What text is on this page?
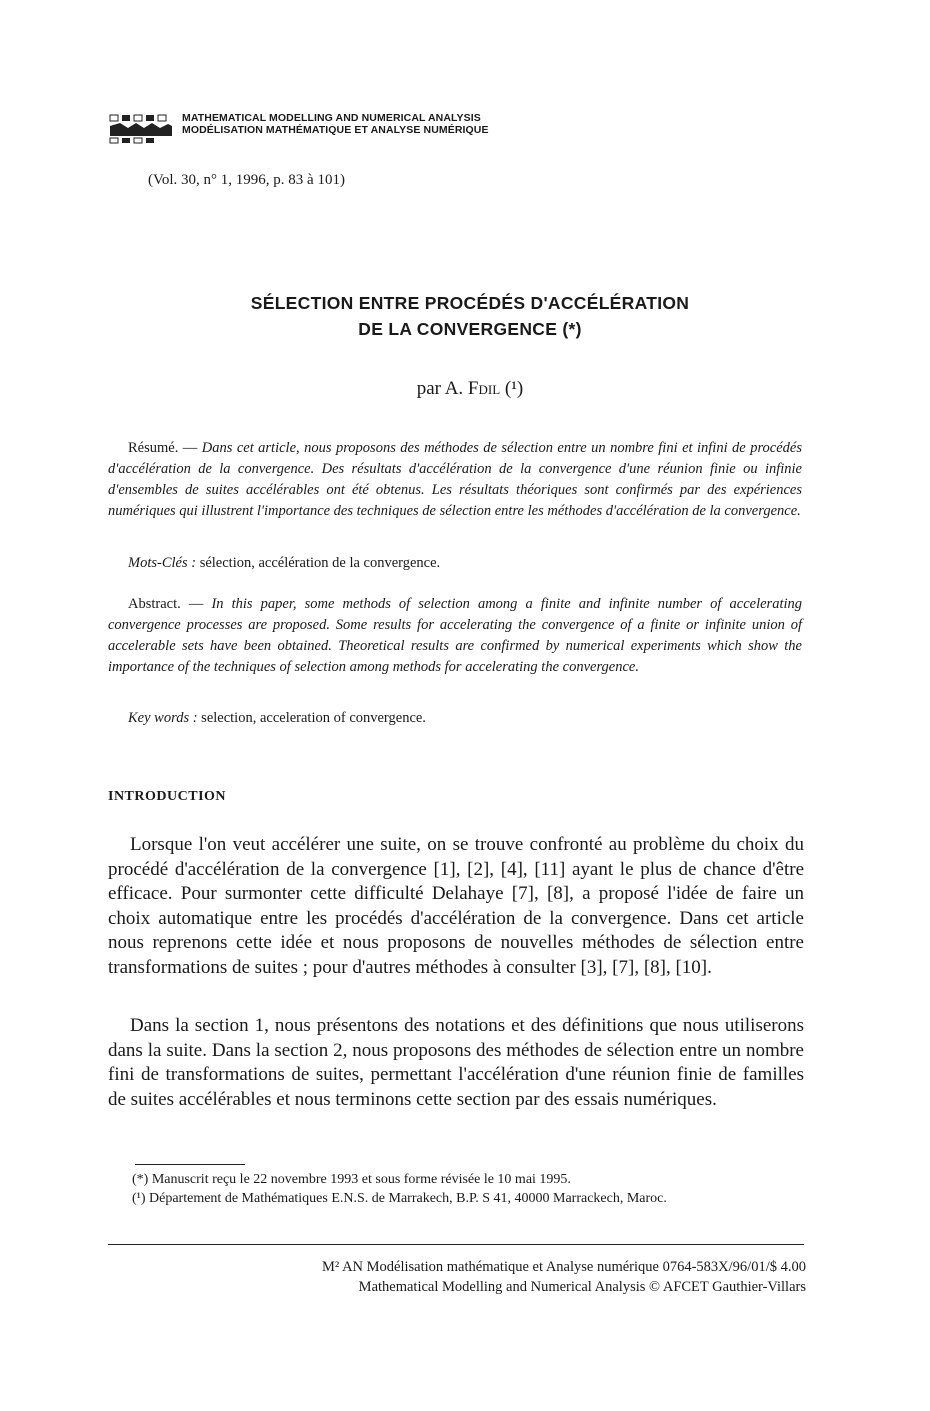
MATHEMATICAL MODELLING AND NUMERICAL ANALYSIS
MODÉLISATION MATHÉMATIQUE ET ANALYSE NUMÉRIQUE
(Vol. 30, n° 1, 1996, p. 83 à 101)
SÉLECTION ENTRE PROCÉDÉS D'ACCÉLÉRATION
DE LA CONVERGENCE (*)
par A. Fdil (¹)
Résumé. — Dans cet article, nous proposons des méthodes de sélection entre un nombre fini et infini de procédés d'accélération de la convergence. Des résultats d'accélération de la convergence d'une réunion finie ou infinie d'ensembles de suites accélérables ont été obtenus. Les résultats théoriques sont confirmés par des expériences numériques qui illustrent l'importance des techniques de sélection entre les méthodes d'accélération de la convergence.
Mots-Clés : sélection, accélération de la convergence.
Abstract. — In this paper, some methods of selection among a finite and infinite number of accelerating convergence processes are proposed. Some results for accelerating the convergence of a finite or infinite union of accelerable sets have been obtained. Theoretical results are confirmed by numerical experiments which show the importance of the techniques of selection among methods for accelerating the convergence.
Key words : selection, acceleration of convergence.
INTRODUCTION
Lorsque l'on veut accélérer une suite, on se trouve confronté au problème du choix du procédé d'accélération de la convergence [1], [2], [4], [11] ayant le plus de chance d'être efficace. Pour surmonter cette difficulté Delahaye [7], [8], a proposé l'idée de faire un choix automatique entre les procédés d'accélération de la convergence. Dans cet article nous reprenons cette idée et nous proposons de nouvelles méthodes de sélection entre transformations de suites ; pour d'autres méthodes à consulter [3], [7], [8], [10].
Dans la section 1, nous présentons des notations et des définitions que nous utiliserons dans la suite. Dans la section 2, nous proposons des méthodes de sélection entre un nombre fini de transformations de suites, permettant l'accélération d'une réunion finie de familles de suites accélérables et nous terminons cette section par des essais numériques.
(*) Manuscrit reçu le 22 novembre 1993 et sous forme révisée le 10 mai 1995.
(¹) Département de Mathématiques E.N.S. de Marrakech, B.P. S 41, 40000 Marrackech, Maroc.
M² AN Modélisation mathématique et Analyse numérique 0764-583X/96/01/$ 4.00
Mathematical Modelling and Numerical Analysis © AFCET Gauthier-Villars
